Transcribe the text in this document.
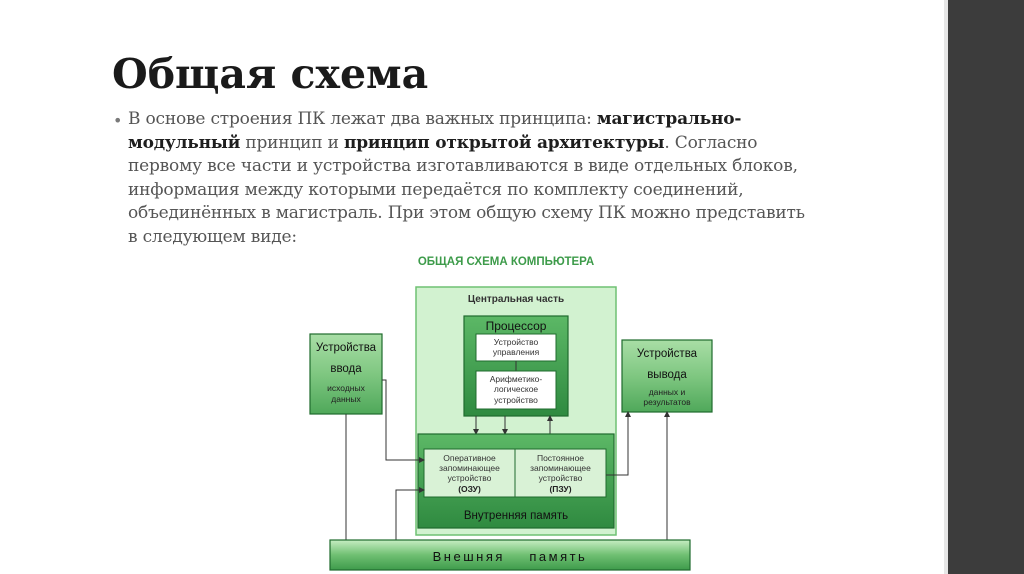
Общая схема
• В основе строения ПК лежат два важных принципа: магистрально-модульный принцип и принцип открытой архитектуры. Согласно первому все части и устройства изготавливаются в виде отдельных блоков, информация между которыми передаётся по комплекту соединений, объединённых в магистраль. При этом общую схему ПК можно представить в следующем виде:
ОБЩАЯ СХЕМА КОМПЬЮТЕРА
Центральная часть
Процессор
Устройство
управления
Арифметико-
логическое
устройство
Оперативное
запоминающее
устройство
(ОЗУ)
Постоянное
запоминающее
устройство
(ПЗУ)
Внутренняя память
Устройства
ввода
исходных
данных
Устройства
вывода
данных и
результатов
Внешняя    память
